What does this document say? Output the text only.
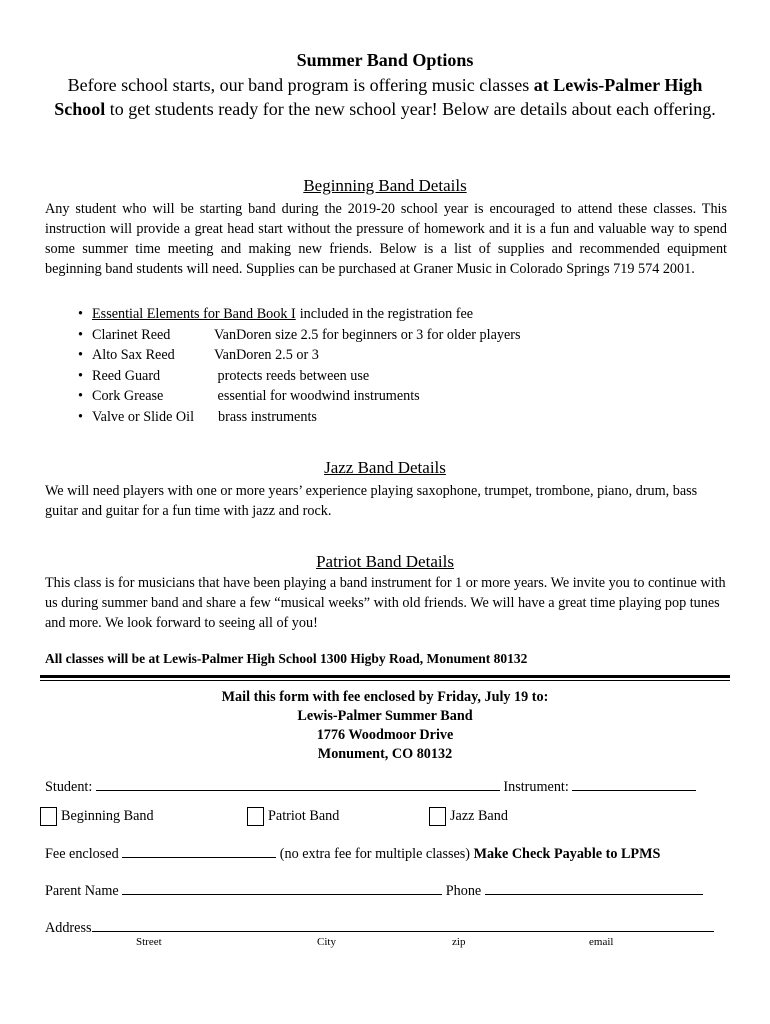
Summer Band Options
Before school starts, our band program is offering music classes at Lewis-Palmer High School to get students ready for the new school year! Below are details about each offering.
Beginning Band Details
Any student who will be starting band during the 2019-20 school year is encouraged to attend these classes. This instruction will provide a great head start without the pressure of homework and it is a fun and valuable way to spend some summer time meeting and making new friends. Below is a list of supplies and recommended equipment beginning band students will need. Supplies can be purchased at Graner Music in Colorado Springs 719 574 2001.
• Essential Elements for Band Book I included in the registration fee
• Clarinet Reed	VanDoren size 2.5 for beginners or 3 for older players
• Alto Sax Reed	VanDoren 2.5 or 3
• Reed Guard	protects reeds between use
• Cork Grease	essential for woodwind instruments
• Valve or Slide Oil brass instruments
Jazz Band Details
We will need players with one or more years’ experience playing saxophone, trumpet, trombone, piano, drum, bass guitar and guitar for a fun time with jazz and rock.
Patriot Band Details
This class is for musicians that have been playing a band instrument for 1 or more years. We invite you to continue with us during summer band and share a few “musical weeks” with old friends. We will have a great time playing pop tunes and more. We look forward to seeing all of you!
All classes will be at Lewis-Palmer High School 1300 Higby Road, Monument 80132
Mail this form with fee enclosed by Friday, July 19 to:
Lewis-Palmer Summer Band
1776 Woodmoor Drive
Monument, CO 80132
Student:	Instrument:
Beginning Band	Patriot Band	Jazz Band
Fee enclosed	(no extra fee for multiple classes) Make Check Payable to LPMS
Parent Name	Phone
Address
Street	City	zip	email
